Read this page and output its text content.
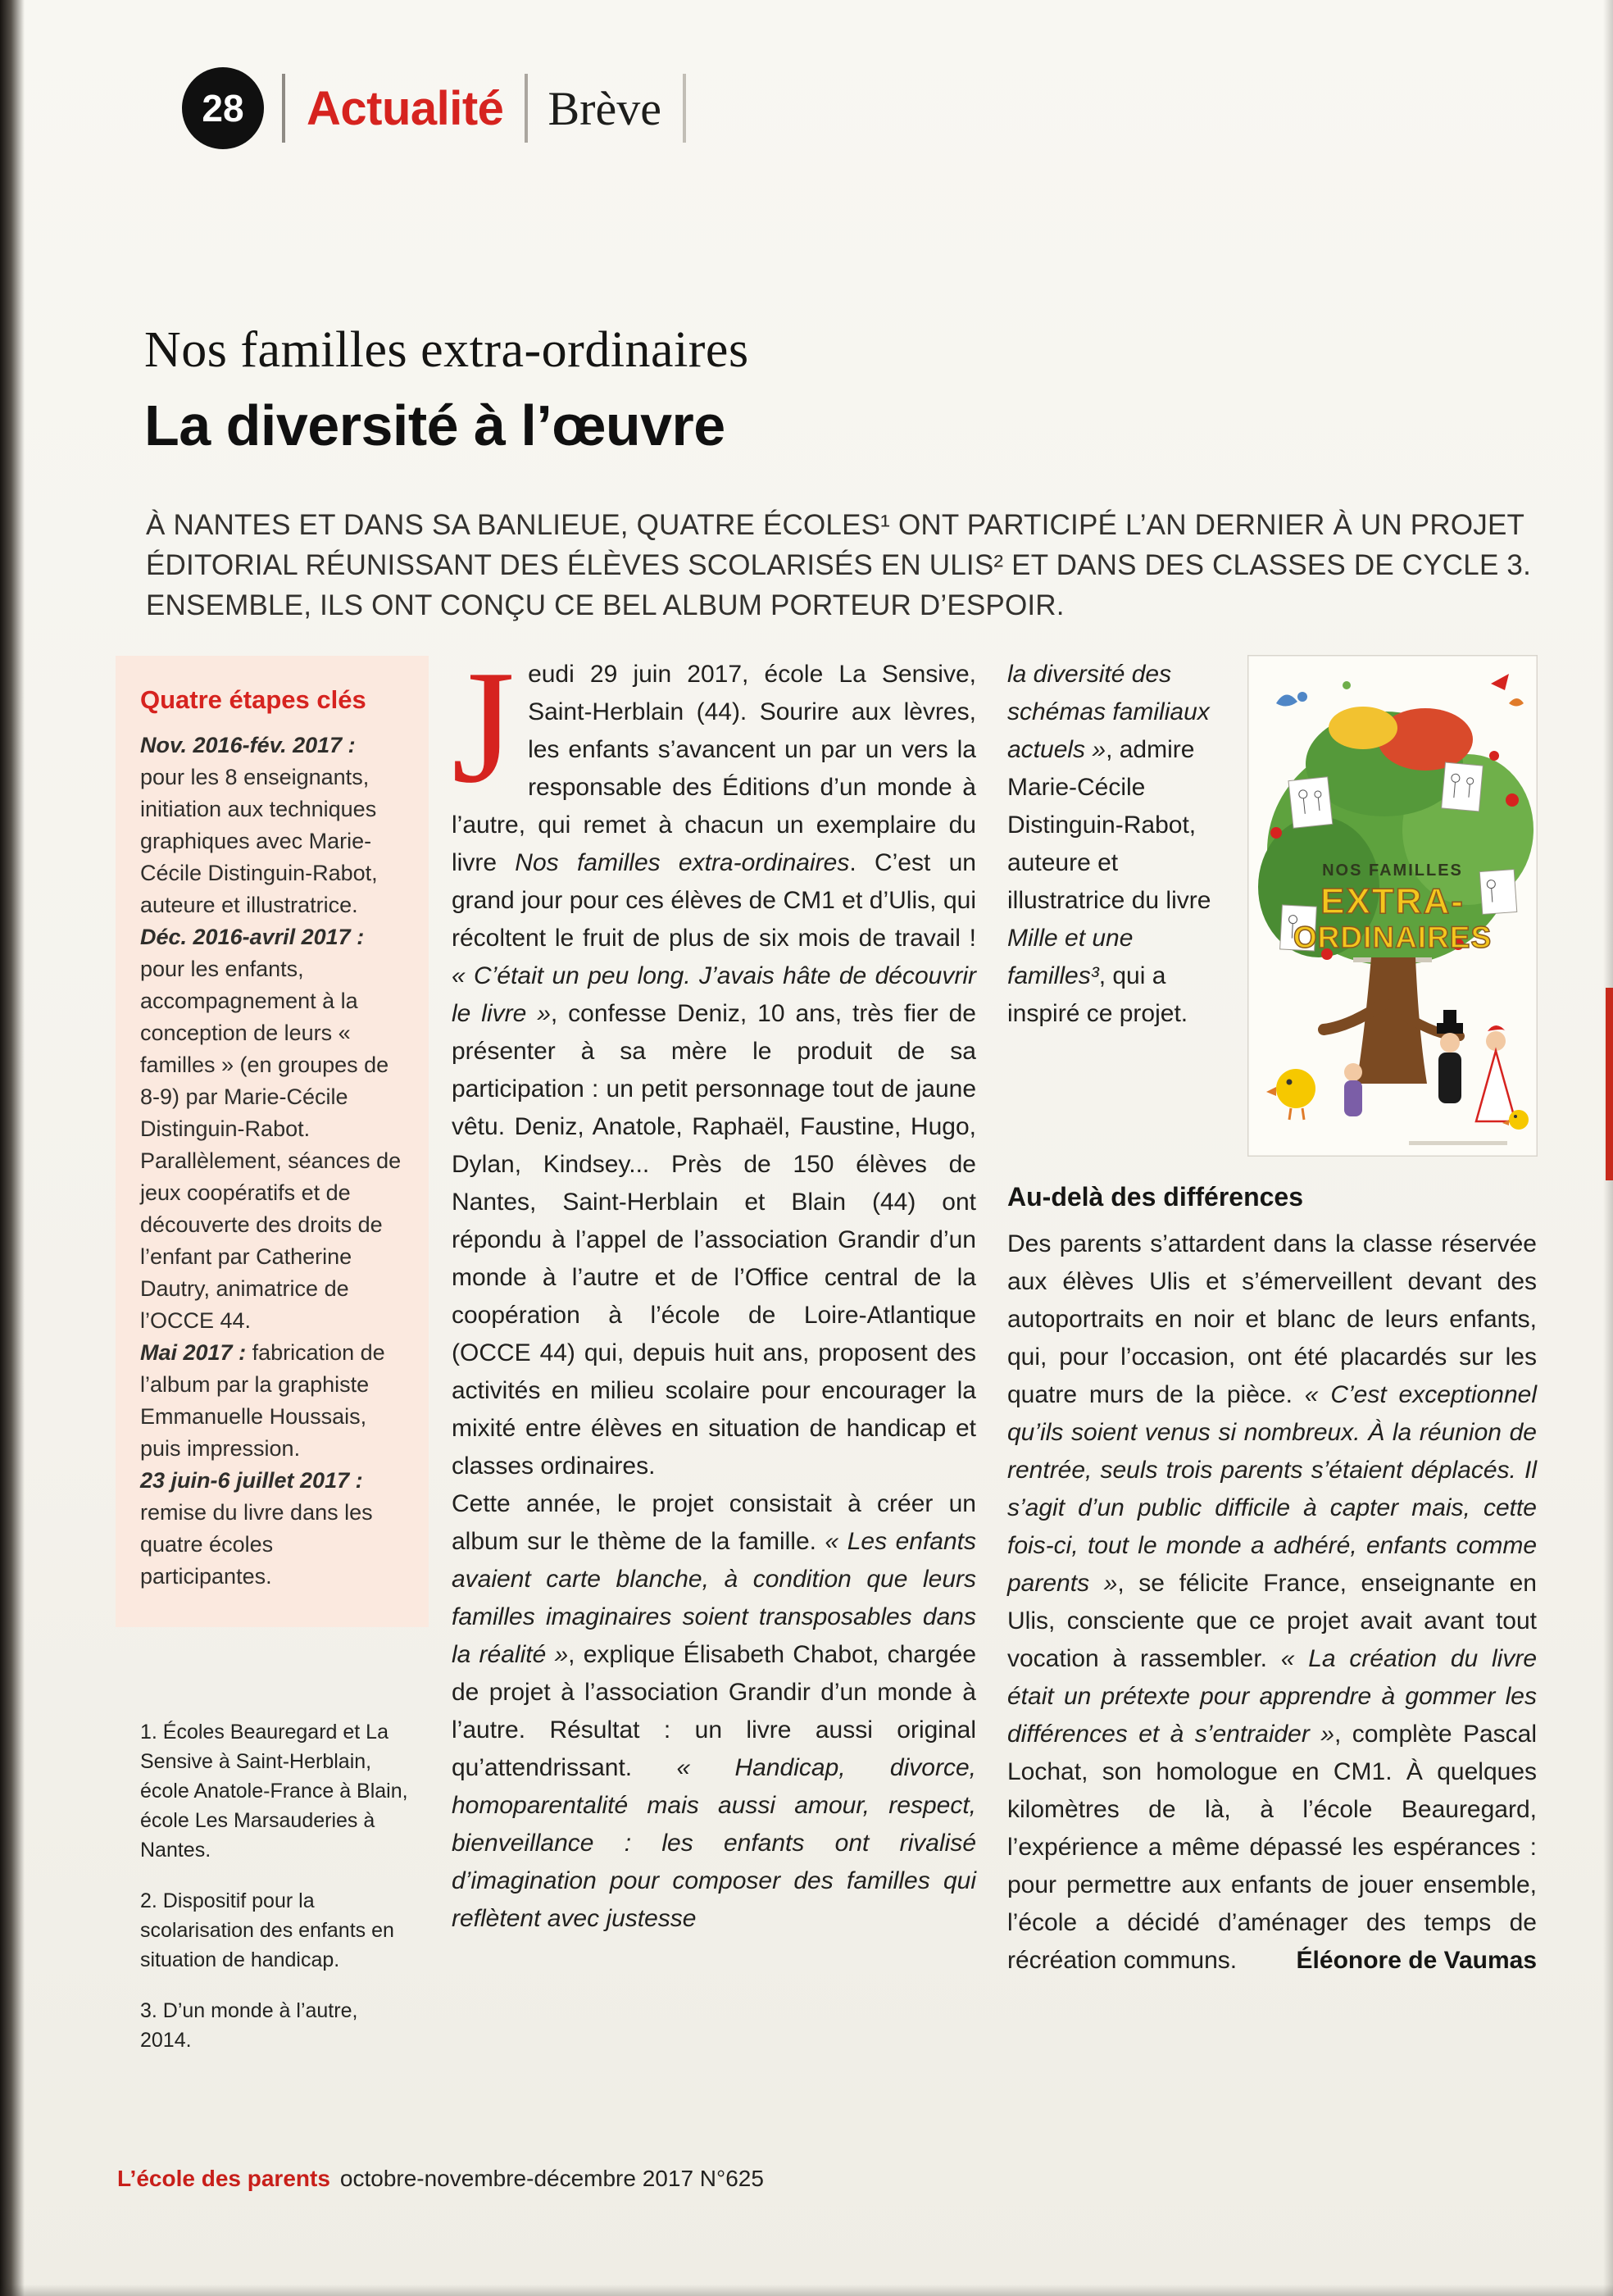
28	Actualité Brève
Nos familles extra-ordinaires
La diversité à l’œuvre
À NANTES ET DANS SA BANLIEUE, QUATRE ÉCOLES¹ ONT PARTICIPÉ L’AN DERNIER À UN PROJET ÉDITORIAL RÉUNISSANT DES ÉLÈVES SCOLARISÉS EN ULIS² ET DANS DES CLASSES DE CYCLE 3. ENSEMBLE, ILS ONT CONÇU CE BEL ALBUM PORTEUR D’ESPOIR.
Quatre étapes clés
Nov. 2016-fév. 2017 : pour les 8 enseignants, initiation aux techniques graphiques avec Marie-Cécile Distinguin-Rabot, auteure et illustratrice.
Déc. 2016-avril 2017 : pour les enfants, accompagnement à la conception de leurs « familles » (en groupes de 8-9) par Marie-Cécile Distinguin-Rabot. Parallèlement, séances de jeux coopératifs et de découverte des droits de l’enfant par Catherine Dautry, animatrice de l’OCCE 44.
Mai 2017 : fabrication de l’album par la graphiste Emmanuelle Houssais, puis impression.
23 juin-6 juillet 2017 : remise du livre dans les quatre écoles participantes.

1. Écoles Beauregard et La Sensive à Saint-Herblain, école Anatole-France à Blain, école Les Marsauderies à Nantes.

2. Dispositif pour la scolarisation des enfants en situation de handicap.

3. D’un monde à l’autre, 2014.

Jeudi 29 juin 2017, école La Sensive, Saint-Herblain (44). Sourire aux lèvres, les enfants s’avancent un par un vers la responsable des Éditions d’un monde à l’autre, qui remet à chacun un exemplaire du livre Nos familles extra-ordinaires. C’est un grand jour pour ces élèves de CM1 et d’Ulis, qui récoltent le fruit de plus de six mois de travail ! « C’était un peu long. J’avais hâte de découvrir le livre », confesse Deniz, 10 ans, très fier de présenter à sa mère le produit de sa participation : un petit personnage tout de jaune vêtu. Deniz, Anatole, Raphaël, Faustine, Hugo, Dylan, Kindsey... Près de 150 élèves de Nantes, Saint-Herblain et Blain (44) ont répondu à l’appel de l’association Grandir d’un monde à l’autre et de l’Office central de la coopération à l’école de Loire-Atlantique (OCCE 44) qui, depuis huit ans, proposent des activités en milieu scolaire pour encourager la mixité entre élèves en situation de handicap et classes ordinaires.

Cette année, le projet consistait à créer un album sur le thème de la famille. « Les enfants avaient carte blanche, à condition que leurs familles imaginaires soient transposables dans la réalité », explique Élisabeth Chabot, chargée de projet à l’association Grandir d’un monde à l’autre. Résultat : un livre aussi original qu’attendrissant. « Handicap, divorce, homoparentalité mais aussi amour, respect, bienveillance : les enfants ont rivalisé d’imagination pour composer des familles qui reflètent avec justesse

la diversité des schémas familiaux actuels », admire Marie-Cécile Distinguin-Rabot, auteure et illustratrice du livre Mille et une familles³, qui a inspiré ce projet.

NOS FAMILLES
EXTRA-
ORDINAIRES
Au-delà des différences

Des parents s’attardent dans la classe réservée aux élèves Ulis et s’émerveillent devant des autoportraits en noir et blanc de leurs enfants, qui, pour l’occasion, ont été placardés sur les quatre murs de la pièce. « C’est exceptionnel qu’ils soient venus si nombreux. À la réunion de rentrée, seuls trois parents s’étaient déplacés. Il s’agit d’un public difficile à capter mais, cette fois-ci, tout le monde a adhéré, enfants comme parents », se félicite France, enseignante en Ulis, consciente que ce projet avait avant tout vocation à rassembler. « La création du livre était un prétexte pour apprendre à gommer les différences et à s’entraider », complète Pascal Lochat, son homologue en CM1. À quelques kilomètres de là, à l’école Beauregard, l’expérience a même dépassé les espérances : pour permettre aux enfants de jouer ensemble, l’école a décidé d’aménager des temps de récréation communs. Éléonore de Vaumas

L’école des parents octobre-novembre-décembre 2017 N°625
